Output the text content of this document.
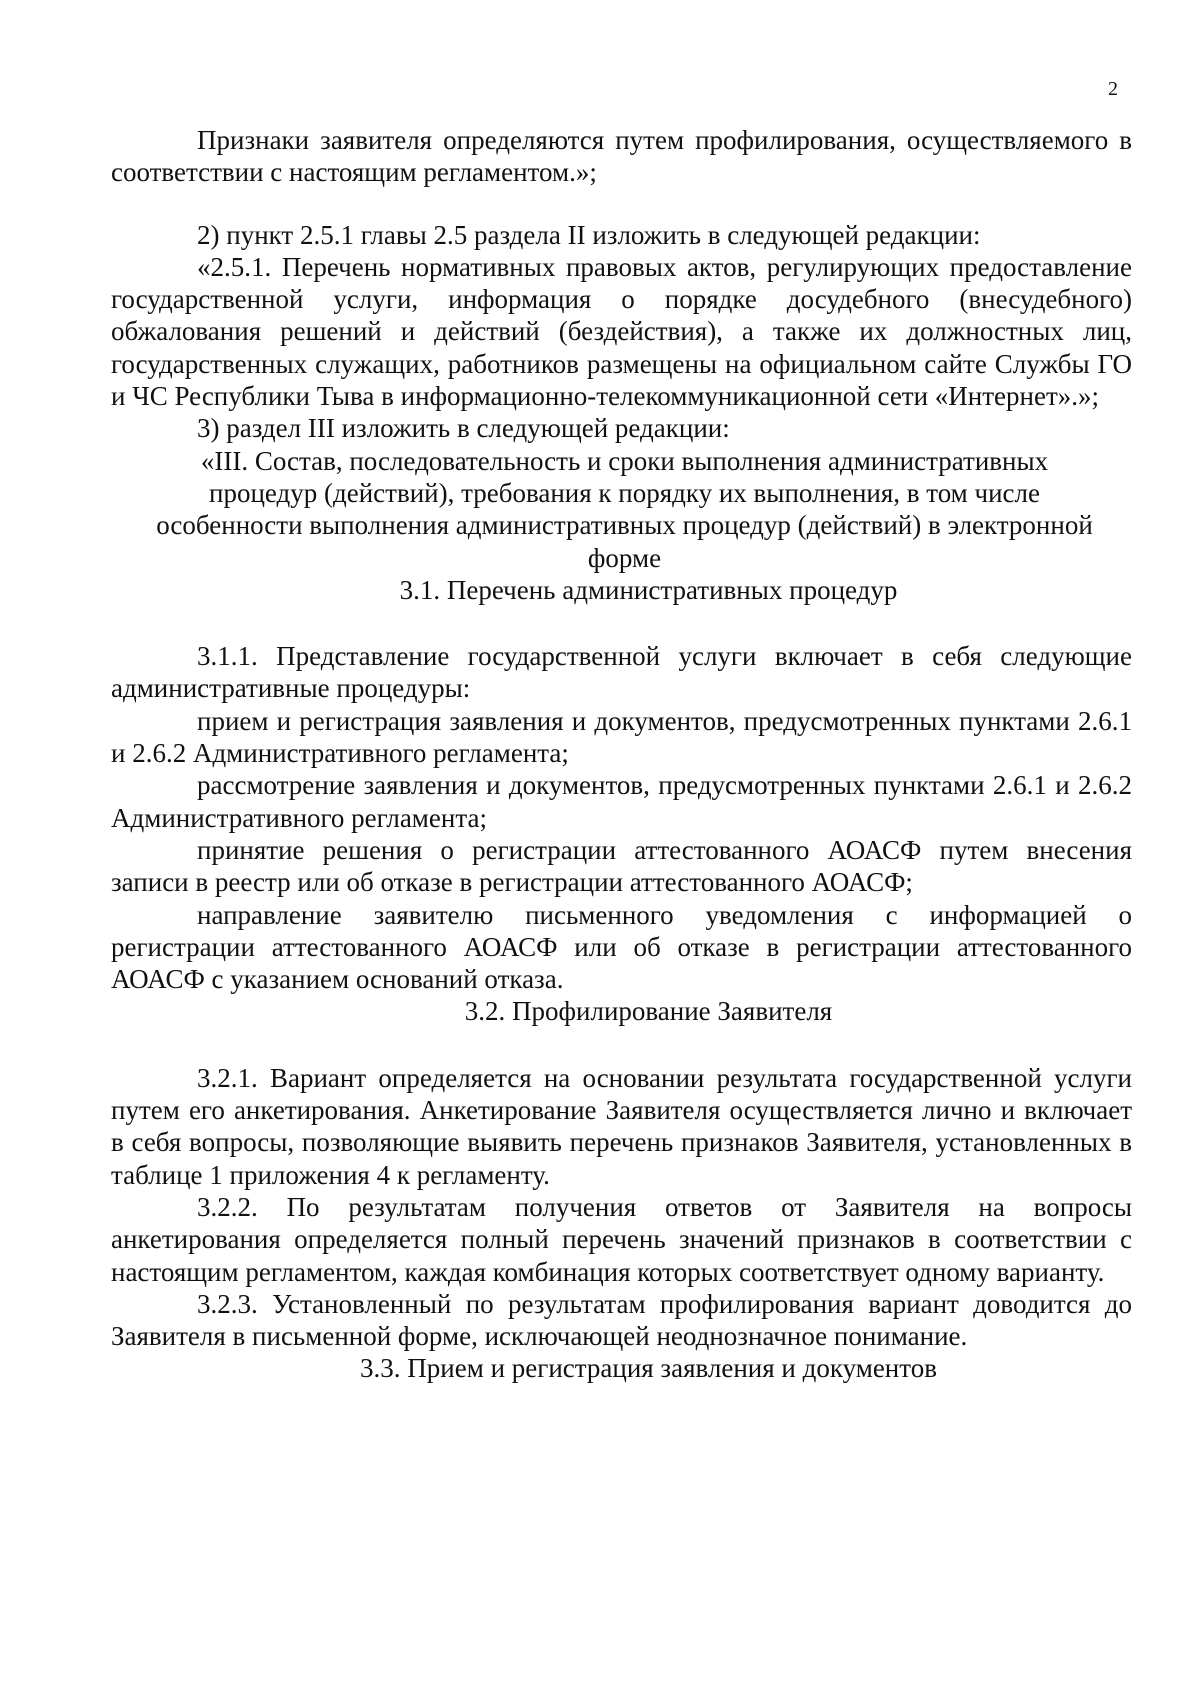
2

Признаки заявителя определяются путем профилирования, осуществляемого в соответствии с настоящим регламентом.»;

2) пункт 2.5.1 главы 2.5 раздела II изложить в следующей редакции:

«2.5.1. Перечень нормативных правовых актов, регулирующих предоставление государственной услуги, информация о порядке досудебного (внесудебного) обжалования решений и действий (бездействия), а также их должностных лиц, государственных служащих, работников размещены на официальном сайте Службы ГО и ЧС Республики Тыва в информационно-телекоммуникационной сети «Интернет».»;

3) раздел III изложить в следующей редакции:

«III. Состав, последовательность и сроки выполнения административных процедур (действий), требования к порядку их выполнения, в том числе особенности выполнения административных процедур (действий) в электронной форме

3.1. Перечень административных процедур

3.1.1. Представление государственной услуги включает в себя следующие административные процедуры:

прием и регистрация заявления и документов, предусмотренных пунктами 2.6.1 и 2.6.2 Административного регламента;

рассмотрение заявления и документов, предусмотренных пунктами 2.6.1 и 2.6.2 Административного регламента;

принятие решения о регистрации аттестованного АОАСФ путем внесения записи в реестр или об отказе в регистрации аттестованного АОАСФ;

направление заявителю письменного уведомления с информацией о регистрации аттестованного АОАСФ или об отказе в регистрации аттестованного АОАСФ с указанием оснований отказа.

3.2. Профилирование Заявителя

3.2.1. Вариант определяется на основании результата государственной услуги путем его анкетирования. Анкетирование Заявителя осуществляется лично и включает в себя вопросы, позволяющие выявить перечень признаков Заявителя, установленных в таблице 1 приложения 4 к регламенту.

3.2.2. По результатам получения ответов от Заявителя на вопросы анкетирования определяется полный перечень значений признаков в соответствии с настоящим регламентом, каждая комбинация которых соответствует одному варианту.

3.2.3. Установленный по результатам профилирования вариант доводится до Заявителя в письменной форме, исключающей неоднозначное понимание.

3.3. Прием и регистрация заявления и документов
